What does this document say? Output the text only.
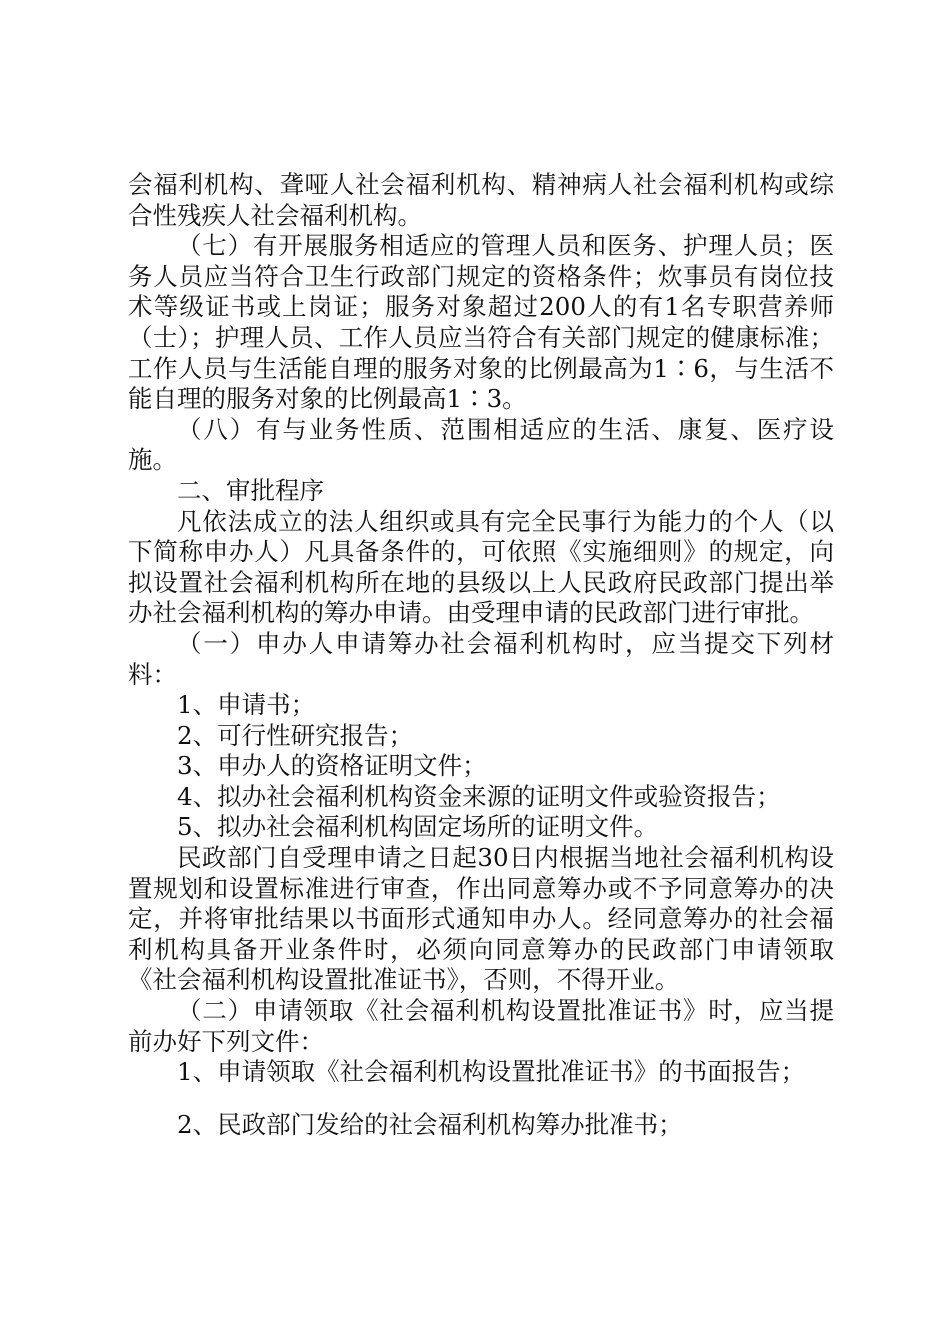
会福利机构、聋哑人社会福利机构、精神病人社会福利机构或综合性残疾人社会福利机构。

（七）有开展服务相适应的管理人员和医务、护理人员；医务人员应当符合卫生行政部门规定的资格条件；炊事员有岗位技术等级证书或上岗证；服务对象超过200人的有1名专职营养师（士）；护理人员、工作人员应当符合有关部门规定的健康标准；工作人员与生活能自理的服务对象的比例最高为1∶6，与生活不能自理的服务对象的比例最高1∶3。

（八）有与业务性质、范围相适应的生活、康复、医疗设施。

二、审批程序

凡依法成立的法人组织或具有完全民事行为能力的个人（以下简称申办人）凡具备条件的，可依照《实施细则》的规定，向拟设置社会福利机构所在地的县级以上人民政府民政部门提出举办社会福利机构的筹办申请。由受理申请的民政部门进行审批。

（一）申办人申请筹办社会福利机构时，应当提交下列材料：

1、申请书；

2、可行性研究报告；

3、申办人的资格证明文件；

4、拟办社会福利机构资金来源的证明文件或验资报告；

5、拟办社会福利机构固定场所的证明文件。

民政部门自受理申请之日起30日内根据当地社会福利机构设置规划和设置标准进行审查，作出同意筹办或不予同意筹办的决定，并将审批结果以书面形式通知申办人。经同意筹办的社会福利机构具备开业条件时，必须向同意筹办的民政部门申请领取《社会福利机构设置批准证书》，否则，不得开业。

（二）申请领取《社会福利机构设置批准证书》时，应当提前办好下列文件：

1、申请领取《社会福利机构设置批准证书》的书面报告；

2、民政部门发给的社会福利机构筹办批准书；
